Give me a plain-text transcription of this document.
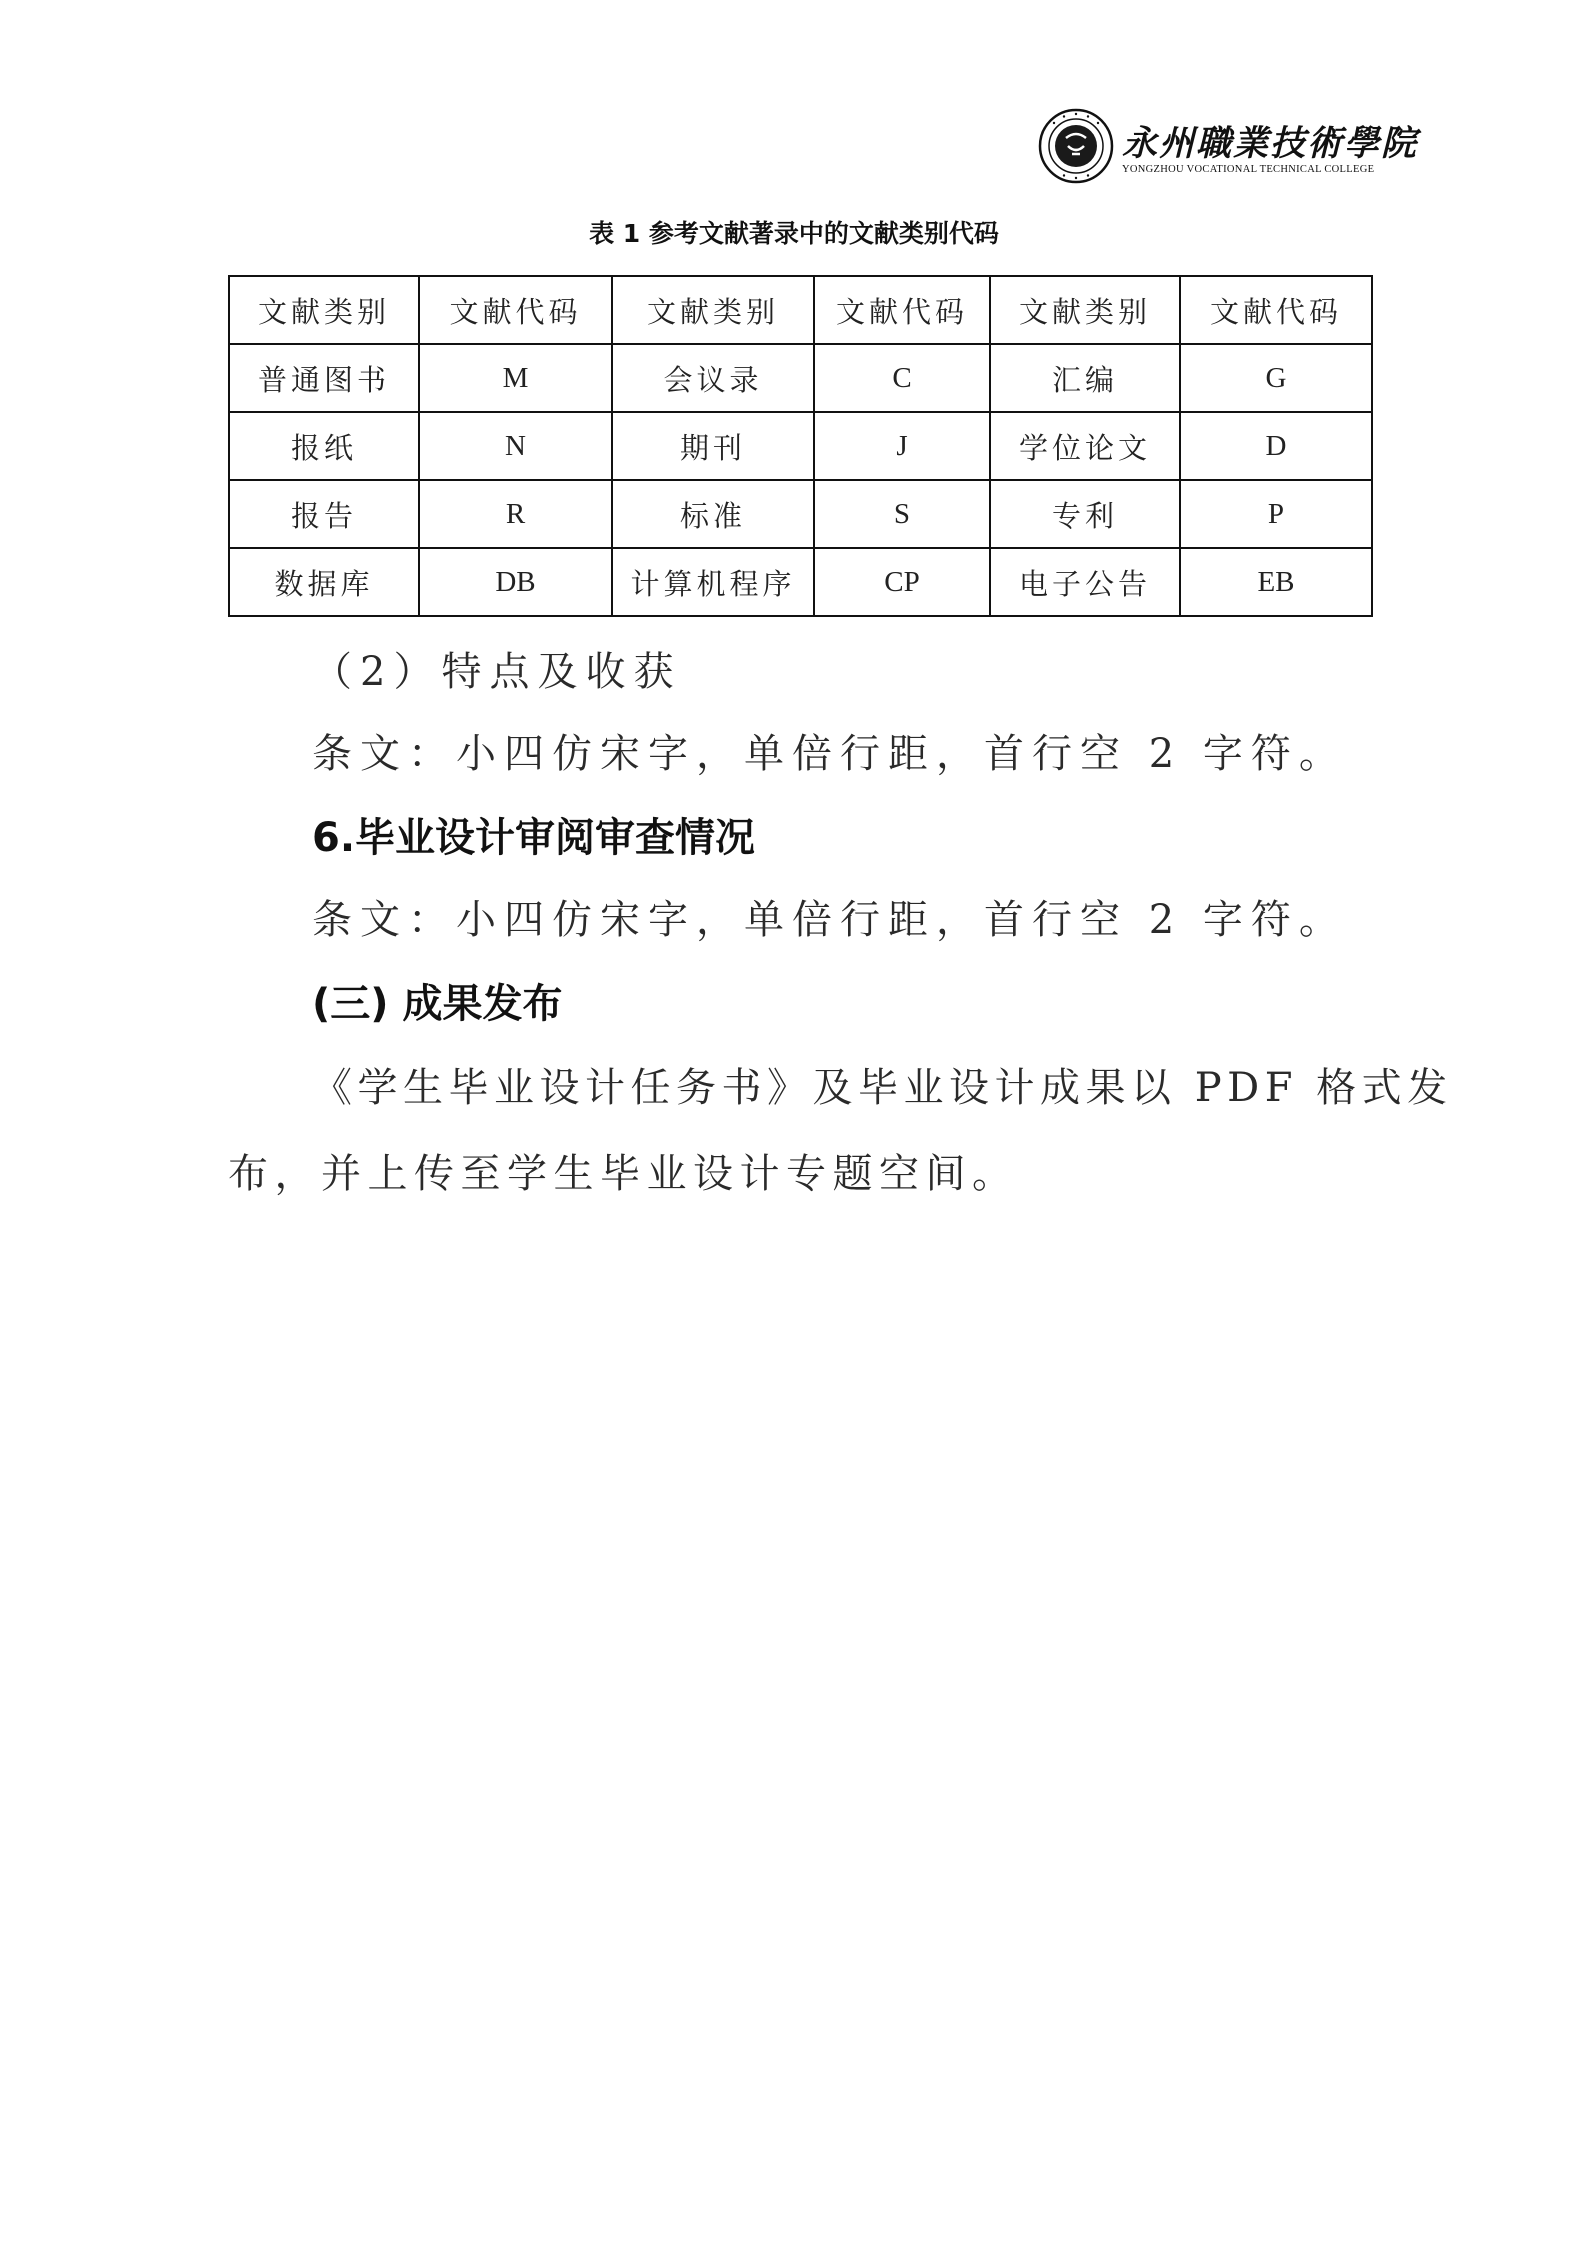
永州職業技術學院
YONGZHOU VOCATIONAL TECHNICAL COLLEGE
表 1 参考文献著录中的文献类别代码
文献类别	文献代码	文献类别	文献代码	文献类别	文献代码
普通图书	M	会议录	C	汇编	G
报纸	N	期刊	J	学位论文	D
报告	R	标准	S	专利	P
数据库	DB	计算机程序	CP	电子公告	EB
（2）特点及收获
条文：小四仿宋字，单倍行距，首行空 2 字符。
6.毕业设计审阅审查情况
条文：小四仿宋字，单倍行距，首行空 2 字符。
(三) 成果发布
《学生毕业设计任务书》及毕业设计成果以 PDF 格式发
布，并上传至学生毕业设计专题空间。
